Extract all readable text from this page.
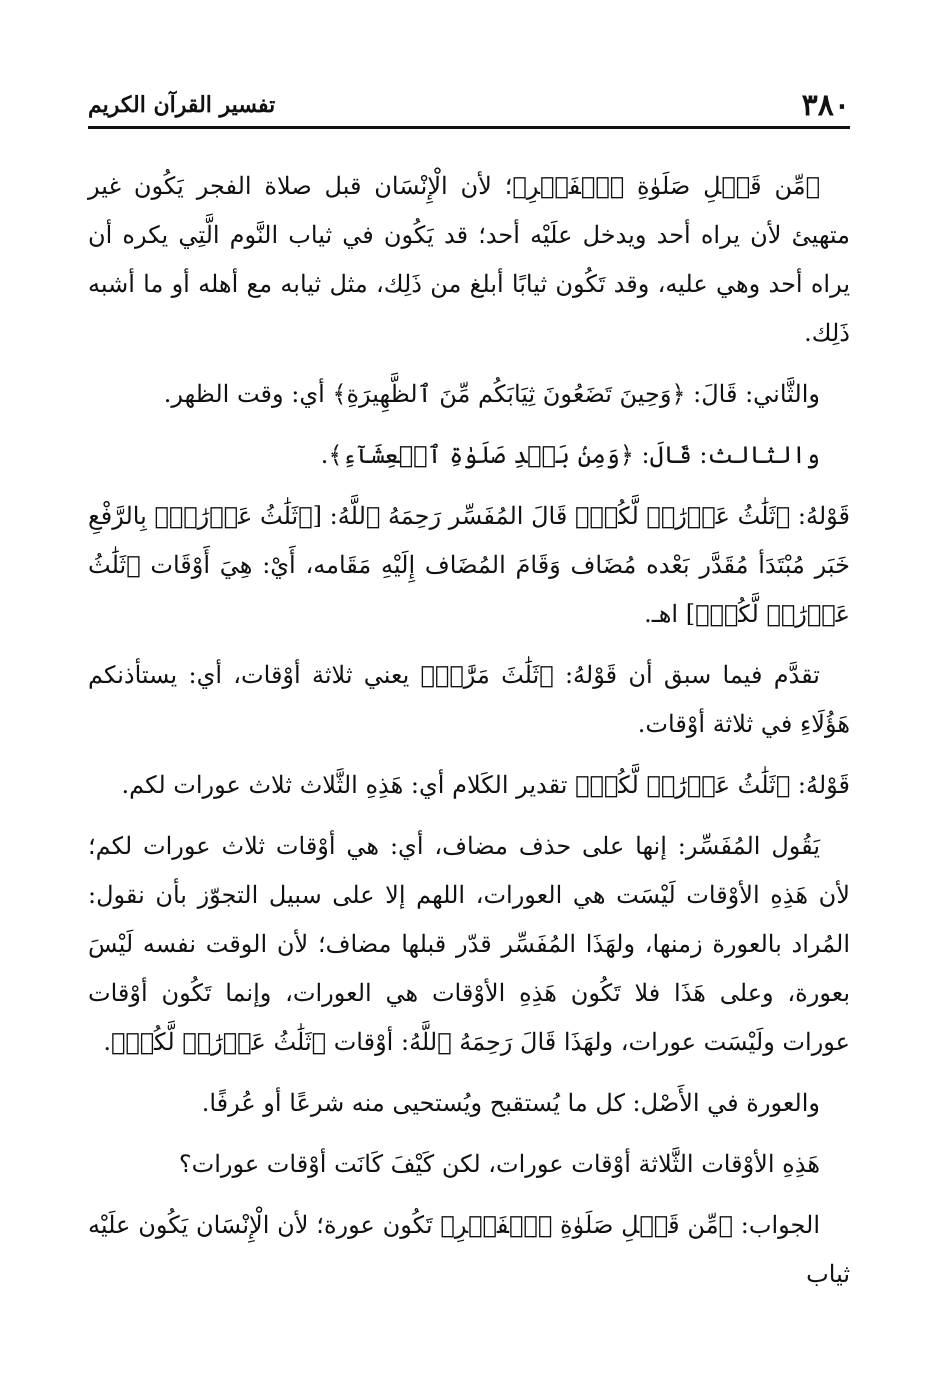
٣٨٠
تفسير القرآن الكريم

﴿مِّن قَبۡلِ صَلَوٰةِ ٱلۡفَجۡرِ﴾؛ لأن الْإِنْسَان قبل صلاة الفجر يَكُون غير متهيئ لأن يراه أحد ويدخل علَيْه أحد؛ قد يَكُون في ثياب النَّوم الَّتِي يكره أن يراه أحد وهي عليه، وقد تَكُون ثيابًا أبلغ من ذَلِك، مثل ثيابه مع أهله أو ما أشبه ذَلِك.

والثَّاني: قَالَ: ﴿وَحِينَ تَضَعُونَ ثِيَابَكُم مِّنَ ٱلظَّهِيرَةِ﴾ أي: وقت الظهر.

والثالث: قَالَ: ﴿وَمِنۢ بَعۡدِ صَلَوٰةِ ٱلۡعِشَآءِ﴾.

قَوْلهُ: ﴿ثَلَٰثُ عَوۡرَٰتٖ لَّكُمۡ﴾ قَالَ المُفَسِّر رَحِمَهُ ٱللَّهُ: [﴿ثَلَٰثُ عَوۡرَٰتٖ﴾ بِالرَّفْعِ خَبَر مُبْتَدَأ مُقَدَّر بَعْده مُضَاف وَقَامَ المُضَاف إِلَيْهِ مَقَامه، أَيْ: هِيَ أَوْقَات ﴿ثَلَٰثُ عَوۡرَٰتٖ لَّكُمۡ﴾] اهـ.

تقدَّم فيما سبق أن قَوْلهُ: ﴿ثَلَٰثَ مَرَّٰتٖ﴾ يعني ثلاثة أوْقات، أي: يستأذنكم هَؤُلَاءِ في ثلاثة أوْقات.

قَوْلهُ: ﴿ثَلَٰثُ عَوۡرَٰتٖ لَّكُمۡ﴾ تقدير الكَلام أي: هَذِهِ الثَّلاث ثلاث عورات لكم.

يَقُول المُفَسِّر: إنها على حذف مضاف، أي: هي أوْقات ثلاث عورات لكم؛ لأن هَذِهِ الأوْقات لَيْسَت هي العورات، اللهم إلا على سبيل التجوّز بأن نقول: المُراد بالعورة زمنها، ولهَذَا المُفَسِّر قدّر قبلها مضاف؛ لأن الوقت نفسه لَيْسَ بعورة، وعلى هَذَا فلا تَكُون هَذِهِ الأوْقات هي العورات، وإنما تَكُون أوْقات عورات ولَيْسَت عورات، ولهَذَا قَالَ رَحِمَهُ ٱللَّهُ: أوْقات ﴿ثَلَٰثُ عَوۡرَٰتٖ لَّكُمۡ﴾.

والعورة في الأَصْل: كل ما يُستقبح ويُستحيى منه شرعًا أو عُرفًا.

هَذِهِ الأوْقات الثَّلاثة أوْقات عورات، لكن كَيْفَ كَانَت أوْقات عورات؟

الجواب: ﴿مِّن قَبۡلِ صَلَوٰةِ ٱلۡفَجۡرِ﴾ تَكُون عورة؛ لأن الْإِنْسَان يَكُون علَيْه ثياب
